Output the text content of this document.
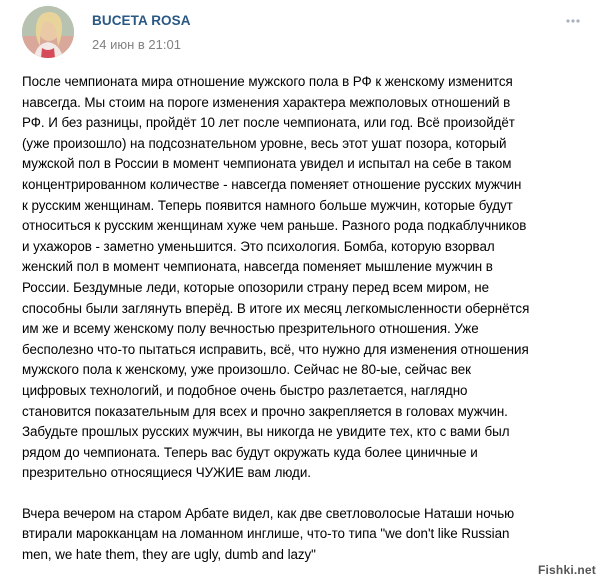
BUCETA ROSA
24 июн в 21:01

После чемпионата мира отношение мужского пола в РФ к женскому изменится
навсегда. Мы стоим на пороге изменения характера межполовых отношений в
РФ. И без разницы, пройдёт 10 лет после чемпионата, или год. Всё произойдёт
(уже произошло) на подсознательном уровне, весь этот ушат позора, который
мужской пол в России в момент чемпионата увидел и испытал на себе в таком
концентрированном количестве - навсегда поменяет отношение русских мужчин
к русским женщинам. Теперь появится намного больше мужчин, которые будут
относиться к русским женщинам хуже чем раньше. Разного рода подкаблучников
и ухажоров - заметно уменьшится. Это психология. Бомба, которую взорвал
женский пол в момент чемпионата, навсегда поменяет мышление мужчин в
России. Бездумные леди, которые опозорили страну перед всем миром, не
способны были заглянуть вперёд. В итоге их месяц легкомысленности обернётся
им же и всему женскому полу вечностью презрительного отношения. Уже
бесполезно что-то пытаться исправить, всё, что нужно для изменения отношения
мужского пола к женскому, уже произошло. Сейчас не 80-ые, сейчас век
цифровых технологий, и подобное очень быстро разлетается, наглядно
становится показательным для всех и прочно закрепляется в головах мужчин.
Забудьте прошлых русских мужчин, вы никогда не увидите тех, кто с вами был
рядом до чемпионата. Теперь вас будут окружать куда более циничные и
презрительно относящиеся ЧУЖИЕ вам люди.

Вчера вечером на старом Арбате видел, как две светловолосые Наташи ночью
втирали марокканцам на ломанном инглише, что-то типа "we don't like Russian
men, we hate them, they are ugly, dumb and lazy"

Fishki.net
